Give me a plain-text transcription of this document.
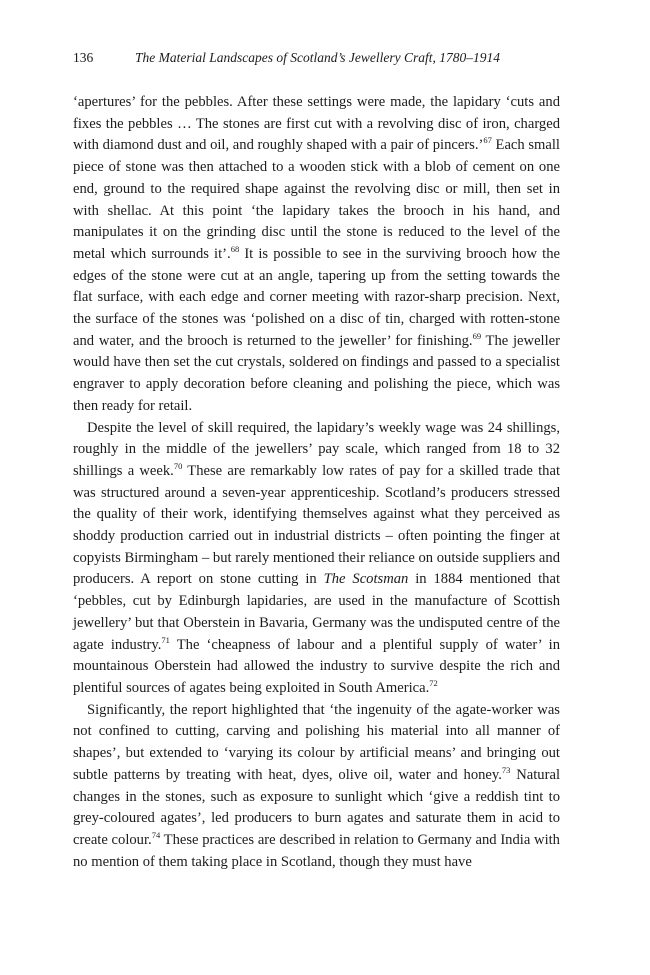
136	The Material Landscapes of Scotland’s Jewellery Craft, 1780–1914

‘apertures’ for the pebbles. After these settings were made, the lapidary ‘cuts and fixes the pebbles … The stones are first cut with a revolving disc of iron, charged with diamond dust and oil, and roughly shaped with a pair of pincers.’$^{67}$ Each small piece of stone was then attached to a wooden stick with a blob of cement on one end, ground to the required shape against the revolving disc or mill, then set in with shellac. At this point ‘the lapidary takes the brooch in his hand, and manipulates it on the grinding disc until the stone is reduced to the level of the metal which surrounds it’.$^{68}$ It is possible to see in the surviving brooch how the edges of the stone were cut at an angle, tapering up from the setting towards the flat surface, with each edge and corner meeting with razor-sharp precision. Next, the surface of the stones was ‘polished on a disc of tin, charged with rotten-stone and water, and the brooch is returned to the jeweller’ for finishing.$^{69}$ The jeweller would have then set the cut crystals, soldered on findings and passed to a specialist engraver to apply decoration before cleaning and polishing the piece, which was then ready for retail.

Despite the level of skill required, the lapidary’s weekly wage was 24 shillings, roughly in the middle of the jewellers’ pay scale, which ranged from 18 to 32 shillings a week.$^{70}$ These are remarkably low rates of pay for a skilled trade that was structured around a seven-year apprenticeship. Scotland’s producers stressed the quality of their work, identifying themselves against what they perceived as shoddy production carried out in industrial districts – often pointing the finger at copyists Birmingham – but rarely mentioned their reliance on outside suppliers and producers. A report on stone cutting in The Scotsman in 1884 mentioned that ‘pebbles, cut by Edinburgh lapidaries, are used in the manufacture of Scottish jewellery’ but that Oberstein in Bavaria, Germany was the undisputed centre of the agate industry.$^{71}$ The ‘cheapness of labour and a plentiful supply of water’ in mountainous Oberstein had allowed the industry to survive despite the rich and plentiful sources of agates being exploited in South America.$^{72}$

Significantly, the report highlighted that ‘the ingenuity of the agate-worker was not confined to cutting, carving and polishing his material into all manner of shapes’, but extended to ‘varying its colour by artificial means’ and bringing out subtle patterns by treating with heat, dyes, olive oil, water and honey.$^{73}$ Natural changes in the stones, such as exposure to sunlight which ‘give a reddish tint to grey-coloured agates’, led producers to burn agates and saturate them in acid to create colour.$^{74}$ These practices are described in relation to Germany and India with no mention of them taking place in Scotland, though they must have
